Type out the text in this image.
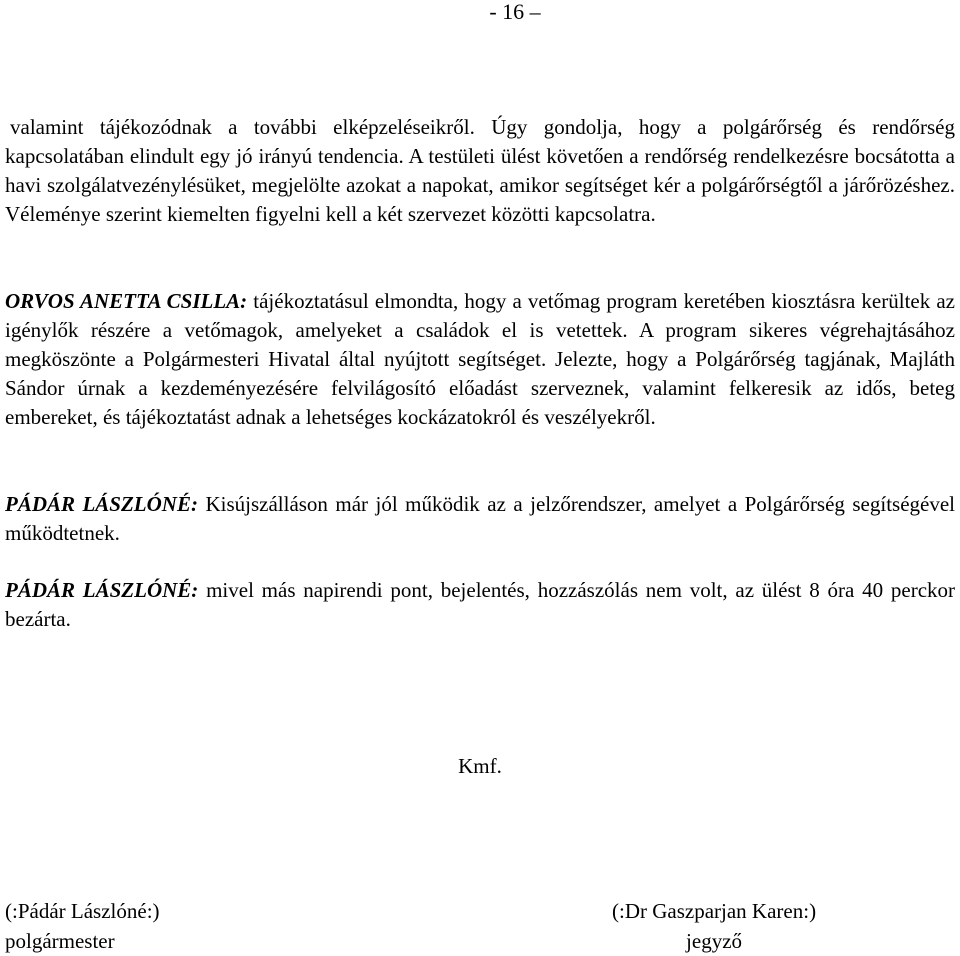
- 16 –

valamint tájékozódnak a további elképzeléseikről. Úgy gondolja, hogy a polgárőrség és rendőrség kapcsolatában elindult egy jó irányú tendencia. A testületi ülést követően a rendőrség rendelkezésre bocsátotta a havi szolgálatvezénylésüket, megjelölte azokat a napokat, amikor segítséget kér a polgárőrségtől a járőrözéshez. Véleménye szerint kiemelten figyelni kell a két szervezet közötti kapcsolatra.

ORVOS ANETTA CSILLA: tájékoztatásul elmondta, hogy a vetőmag program keretében kiosztásra kerültek az igénylők részére a vetőmagok, amelyeket a családok el is vetettek. A program sikeres végrehajtásához megköszönte a Polgármesteri Hivatal által nyújtott segítséget. Jelezte, hogy a Polgárőrség tagjának, Majláth Sándor úrnak a kezdeményezésére felvilágosító előadást szerveznek, valamint felkeresik az idős, beteg embereket, és tájékoztatást adnak a lehetséges kockázatokról és veszélyekről.

PÁDÁR LÁSZLÓNÉ: Kisújszálláson már jól működik az a jelzőrendszer, amelyet a Polgárőrség segítségével működtetnek.

PÁDÁR LÁSZLÓNÉ: mivel más napirendi pont, bejelentés, hozzászólás nem volt, az ülést 8 óra 40 perckor bezárta.

Kmf.
(:Pádár Lászlóné:)
polgármester
(:Dr Gaszparjan Karen:)
jegyző
